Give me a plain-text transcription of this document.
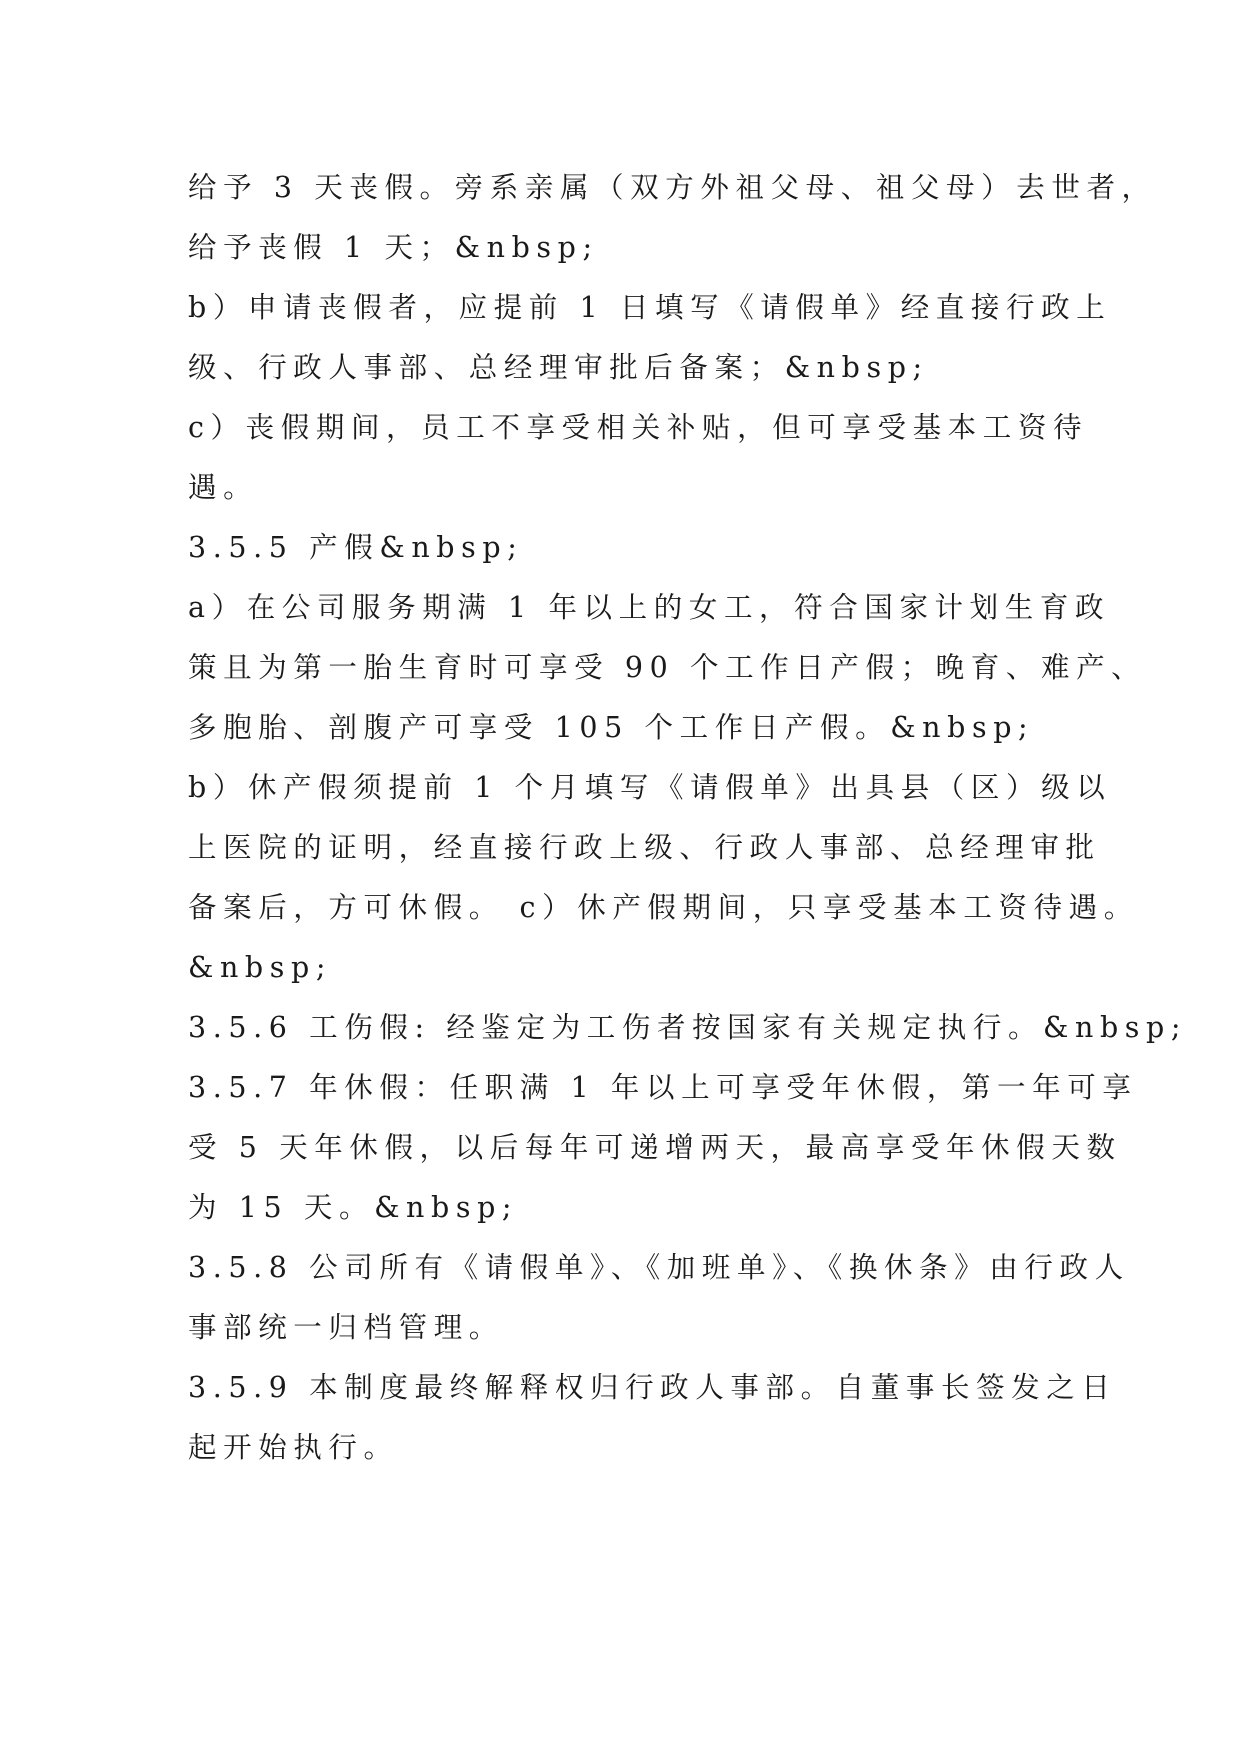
给予 3 天丧假。旁系亲属（双方外祖父母、祖父母）去世者，
给予丧假 1 天；&nbsp;
b）申请丧假者，应提前 1 日填写《请假单》经直接行政上
级、行政人事部、总经理审批后备案；&nbsp;
c）丧假期间，员工不享受相关补贴，但可享受基本工资待
遇。
3.5.5 产假&nbsp;
a）在公司服务期满 1 年以上的女工，符合国家计划生育政
策且为第一胎生育时可享受 90 个工作日产假；晚育、难产、
多胞胎、剖腹产可享受 105 个工作日产假。&nbsp;
b）休产假须提前 1 个月填写《请假单》出具县（区）级以
上医院的证明，经直接行政上级、行政人事部、总经理审批
备案后，方可休假。 c）休产假期间，只享受基本工资待遇。
&nbsp;
3.5.6 工伤假: 经鉴定为工伤者按国家有关规定执行。&nbsp;
3.5.7 年休假：任职满 1 年以上可享受年休假，第一年可享
受 5 天年休假，以后每年可递增两天，最高享受年休假天数
为 15 天。&nbsp;
3.5.8 公司所有《请假单》、《加班单》、《换休条》由行政人
事部统一归档管理。
3.5.9 本制度最终解释权归行政人事部。自董事长签发之日
起开始执行。
